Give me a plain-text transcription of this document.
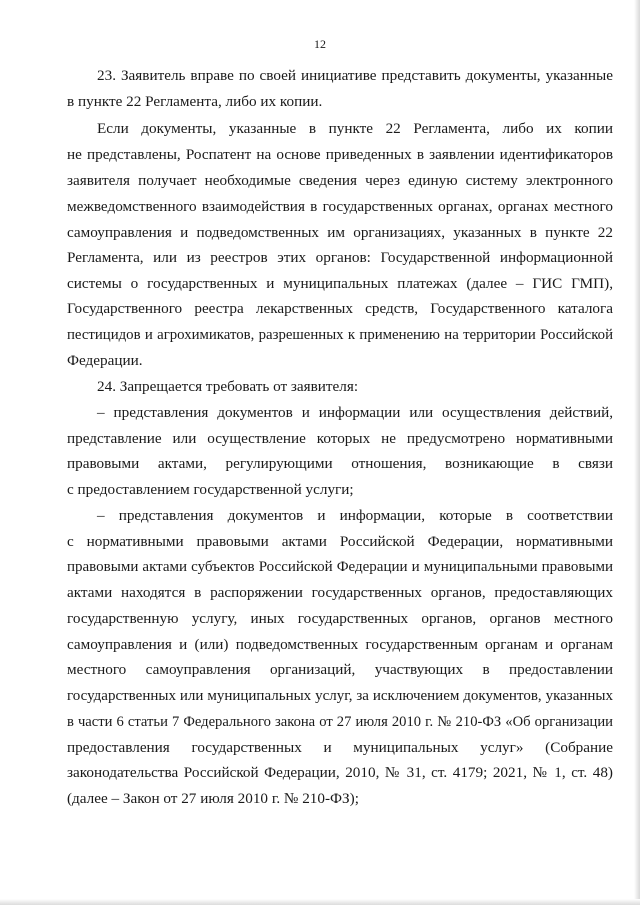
12
23. Заявитель вправе по своей инициативе представить документы, указанные
в пункте 22 Регламента, либо их копии.
Если документы, указанные в пункте 22 Регламента, либо их копии
не представлены, Роспатент на основе приведенных в заявлении идентификаторов
заявителя получает необходимые сведения через единую систему электронного
межведомственного взаимодействия в государственных органах, органах местного
самоуправления и подведомственных им организациях, указанных в пункте 22
Регламента, или из реестров этих органов: Государственной информационной
системы о государственных и муниципальных платежах (далее – ГИС ГМП),
Государственного реестра лекарственных средств, Государственного каталога
пестицидов и агрохимикатов, разрешенных к применению на территории Российской
Федерации.
24. Запрещается требовать от заявителя:
– представления документов и информации или осуществления действий,
представление или осуществление которых не предусмотрено нормативными
правовыми актами, регулирующими отношения, возникающие в связи
с предоставлением государственной услуги;
– представления документов и информации, которые в соответствии
с нормативными правовыми актами Российской Федерации, нормативными
правовыми актами субъектов Российской Федерации и муниципальными правовыми
актами находятся в распоряжении государственных органов, предоставляющих
государственную услугу, иных государственных органов, органов местного
самоуправления и (или) подведомственных государственным органам и органам
местного самоуправления организаций, участвующих в предоставлении
государственных или муниципальных услуг, за исключением документов, указанных
в части 6 статьи 7 Федерального закона от 27 июля 2010 г. № 210-ФЗ «Об организации
предоставления государственных и муниципальных услуг» (Собрание
законодательства Российской Федерации, 2010, № 31, ст. 4179; 2021, № 1, ст. 48)
(далее – Закон от 27 июля 2010 г. № 210-ФЗ);
